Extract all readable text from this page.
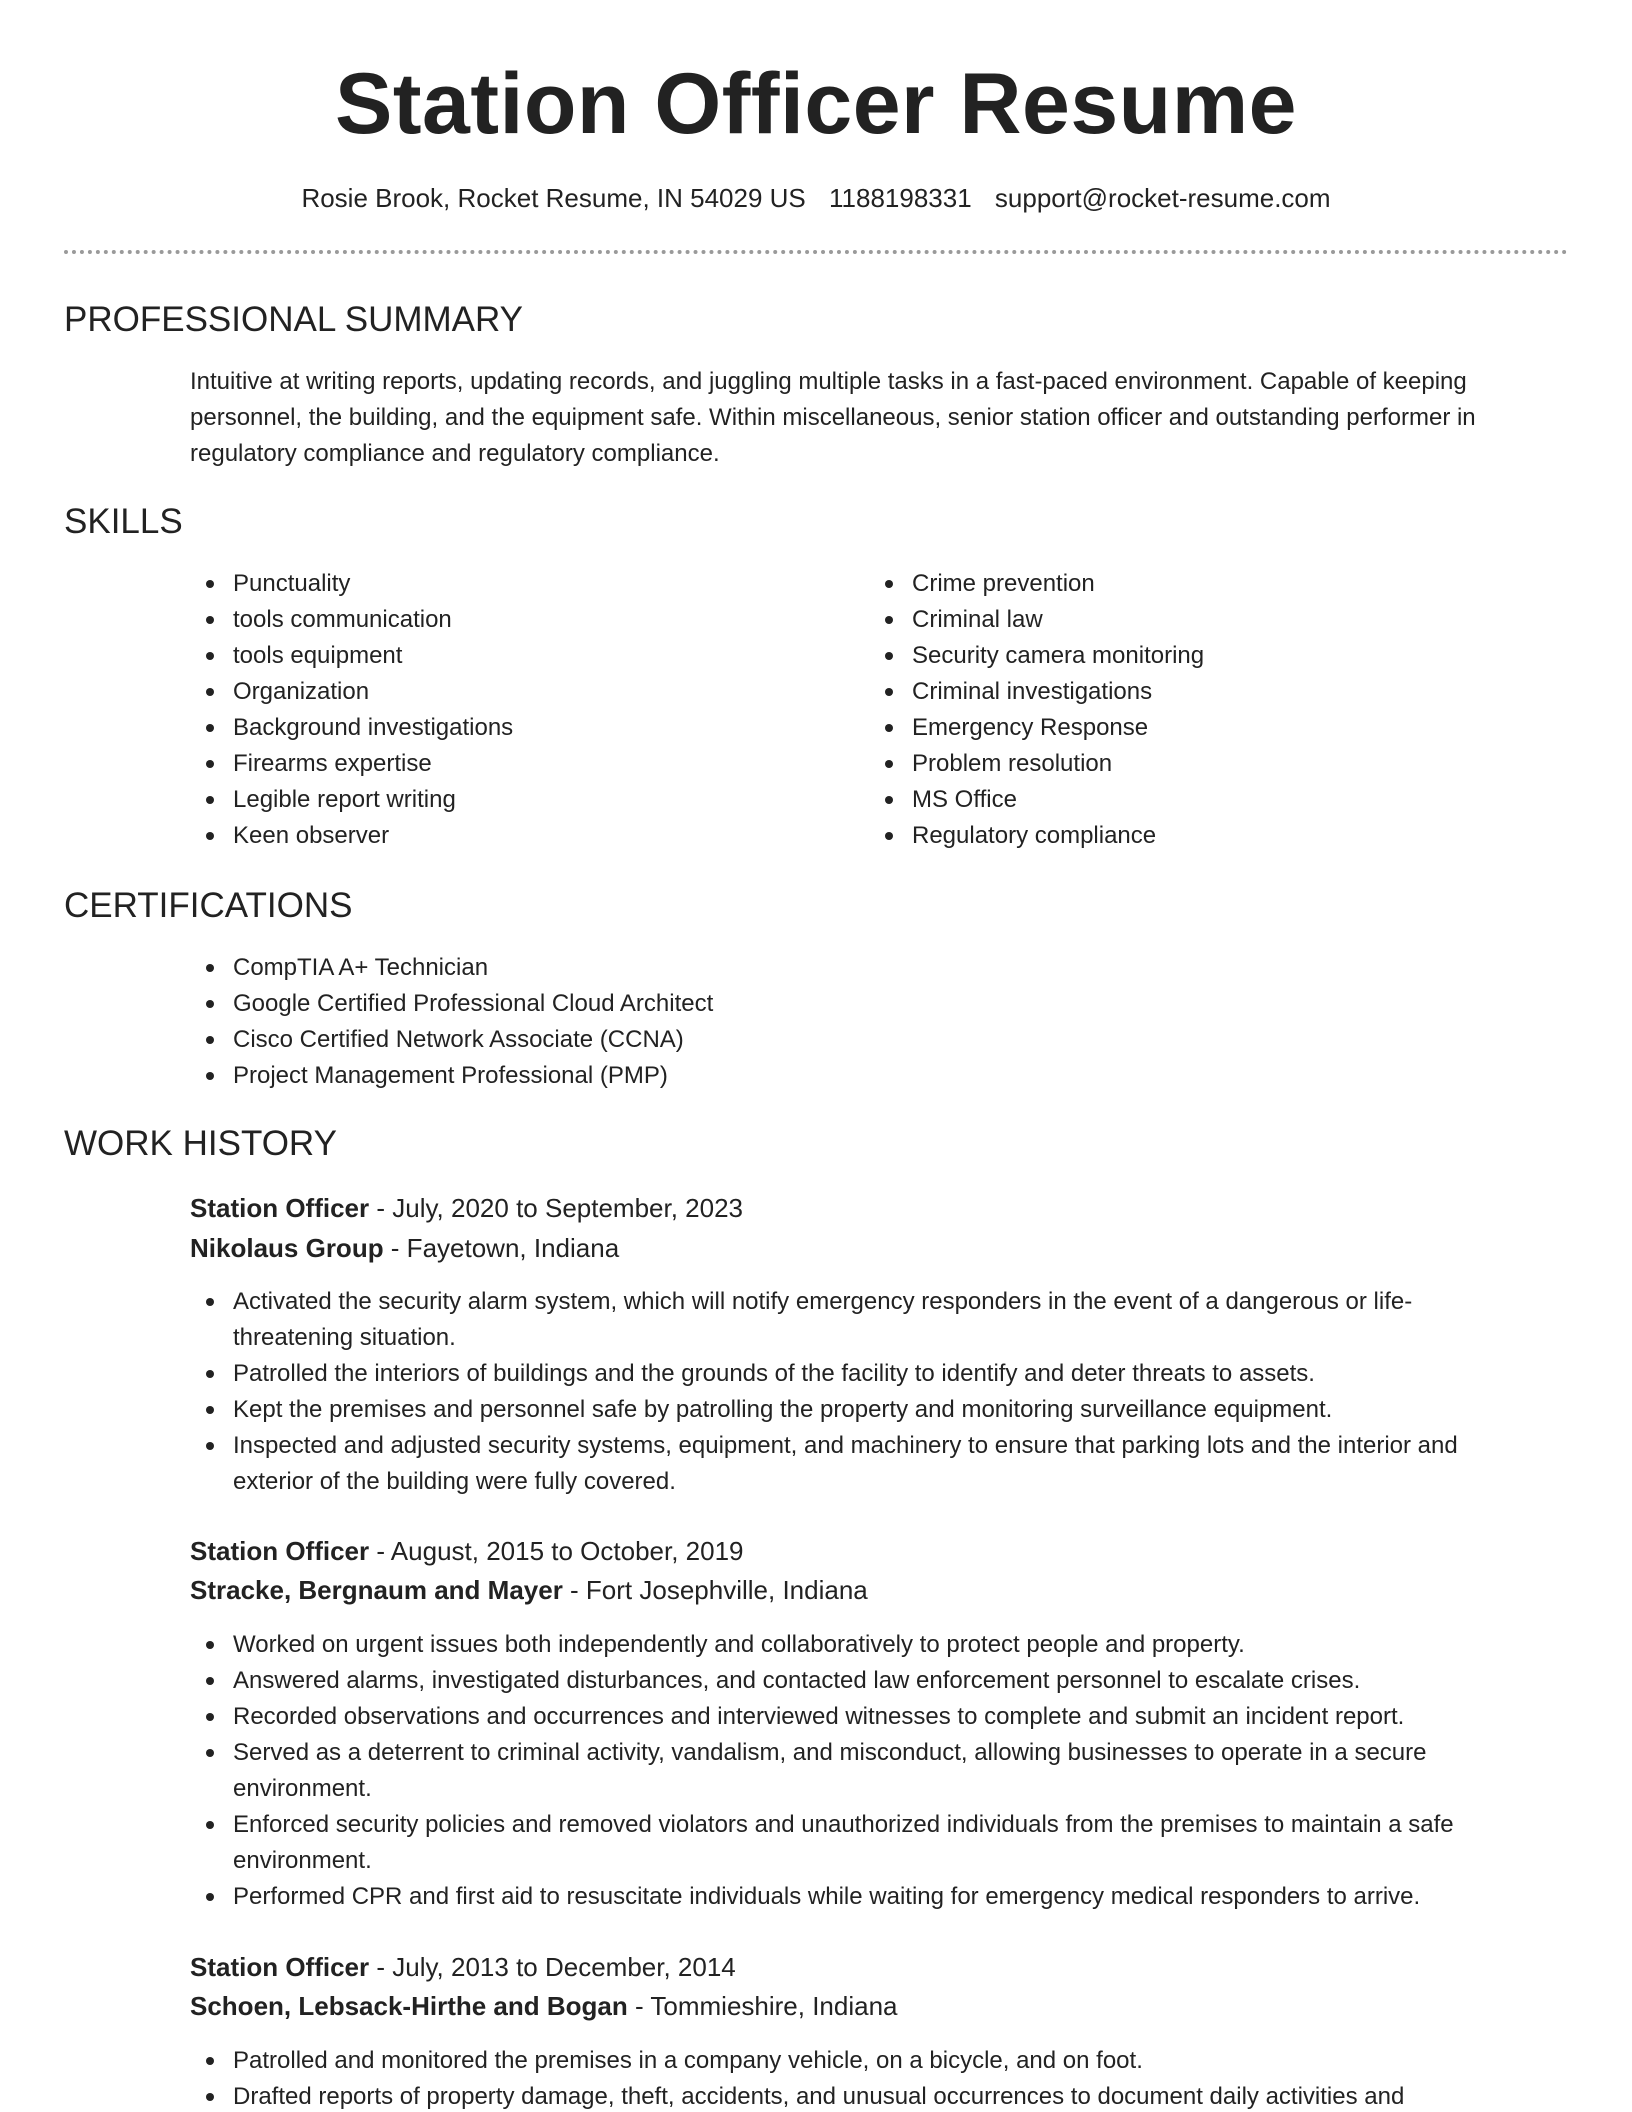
Station Officer Resume
Rosie Brook, Rocket Resume, IN 54029 US 1188198331 support@rocket-resume.com
PROFESSIONAL SUMMARY
Intuitive at writing reports, updating records, and juggling multiple tasks in a fast-paced environment. Capable of keeping personnel, the building, and the equipment safe. Within miscellaneous, senior station officer and outstanding performer in regulatory compliance and regulatory compliance.
SKILLS
Punctuality
tools communication
tools equipment
Organization
Background investigations
Firearms expertise
Legible report writing
Keen observer
Crime prevention
Criminal law
Security camera monitoring
Criminal investigations
Emergency Response
Problem resolution
MS Office
Regulatory compliance
CERTIFICATIONS
CompTIA A+ Technician
Google Certified Professional Cloud Architect
Cisco Certified Network Associate (CCNA)
Project Management Professional (PMP)
WORK HISTORY
Station Officer - July, 2020 to September, 2023
Nikolaus Group - Fayetown, Indiana
Activated the security alarm system, which will notify emergency responders in the event of a dangerous or life-threatening situation.
Patrolled the interiors of buildings and the grounds of the facility to identify and deter threats to assets.
Kept the premises and personnel safe by patrolling the property and monitoring surveillance equipment.
Inspected and adjusted security systems, equipment, and machinery to ensure that parking lots and the interior and exterior of the building were fully covered.
Station Officer - August, 2015 to October, 2019
Stracke, Bergnaum and Mayer - Fort Josephville, Indiana
Worked on urgent issues both independently and collaboratively to protect people and property.
Answered alarms, investigated disturbances, and contacted law enforcement personnel to escalate crises.
Recorded observations and occurrences and interviewed witnesses to complete and submit an incident report.
Served as a deterrent to criminal activity, vandalism, and misconduct, allowing businesses to operate in a secure environment.
Enforced security policies and removed violators and unauthorized individuals from the premises to maintain a safe environment.
Performed CPR and first aid to resuscitate individuals while waiting for emergency medical responders to arrive.
Station Officer - July, 2013 to December, 2014
Schoen, Lebsack-Hirthe and Bogan - Tommieshire, Indiana
Patrolled and monitored the premises in a company vehicle, on a bicycle, and on foot.
Drafted reports of property damage, theft, accidents, and unusual occurrences to document daily activities and
